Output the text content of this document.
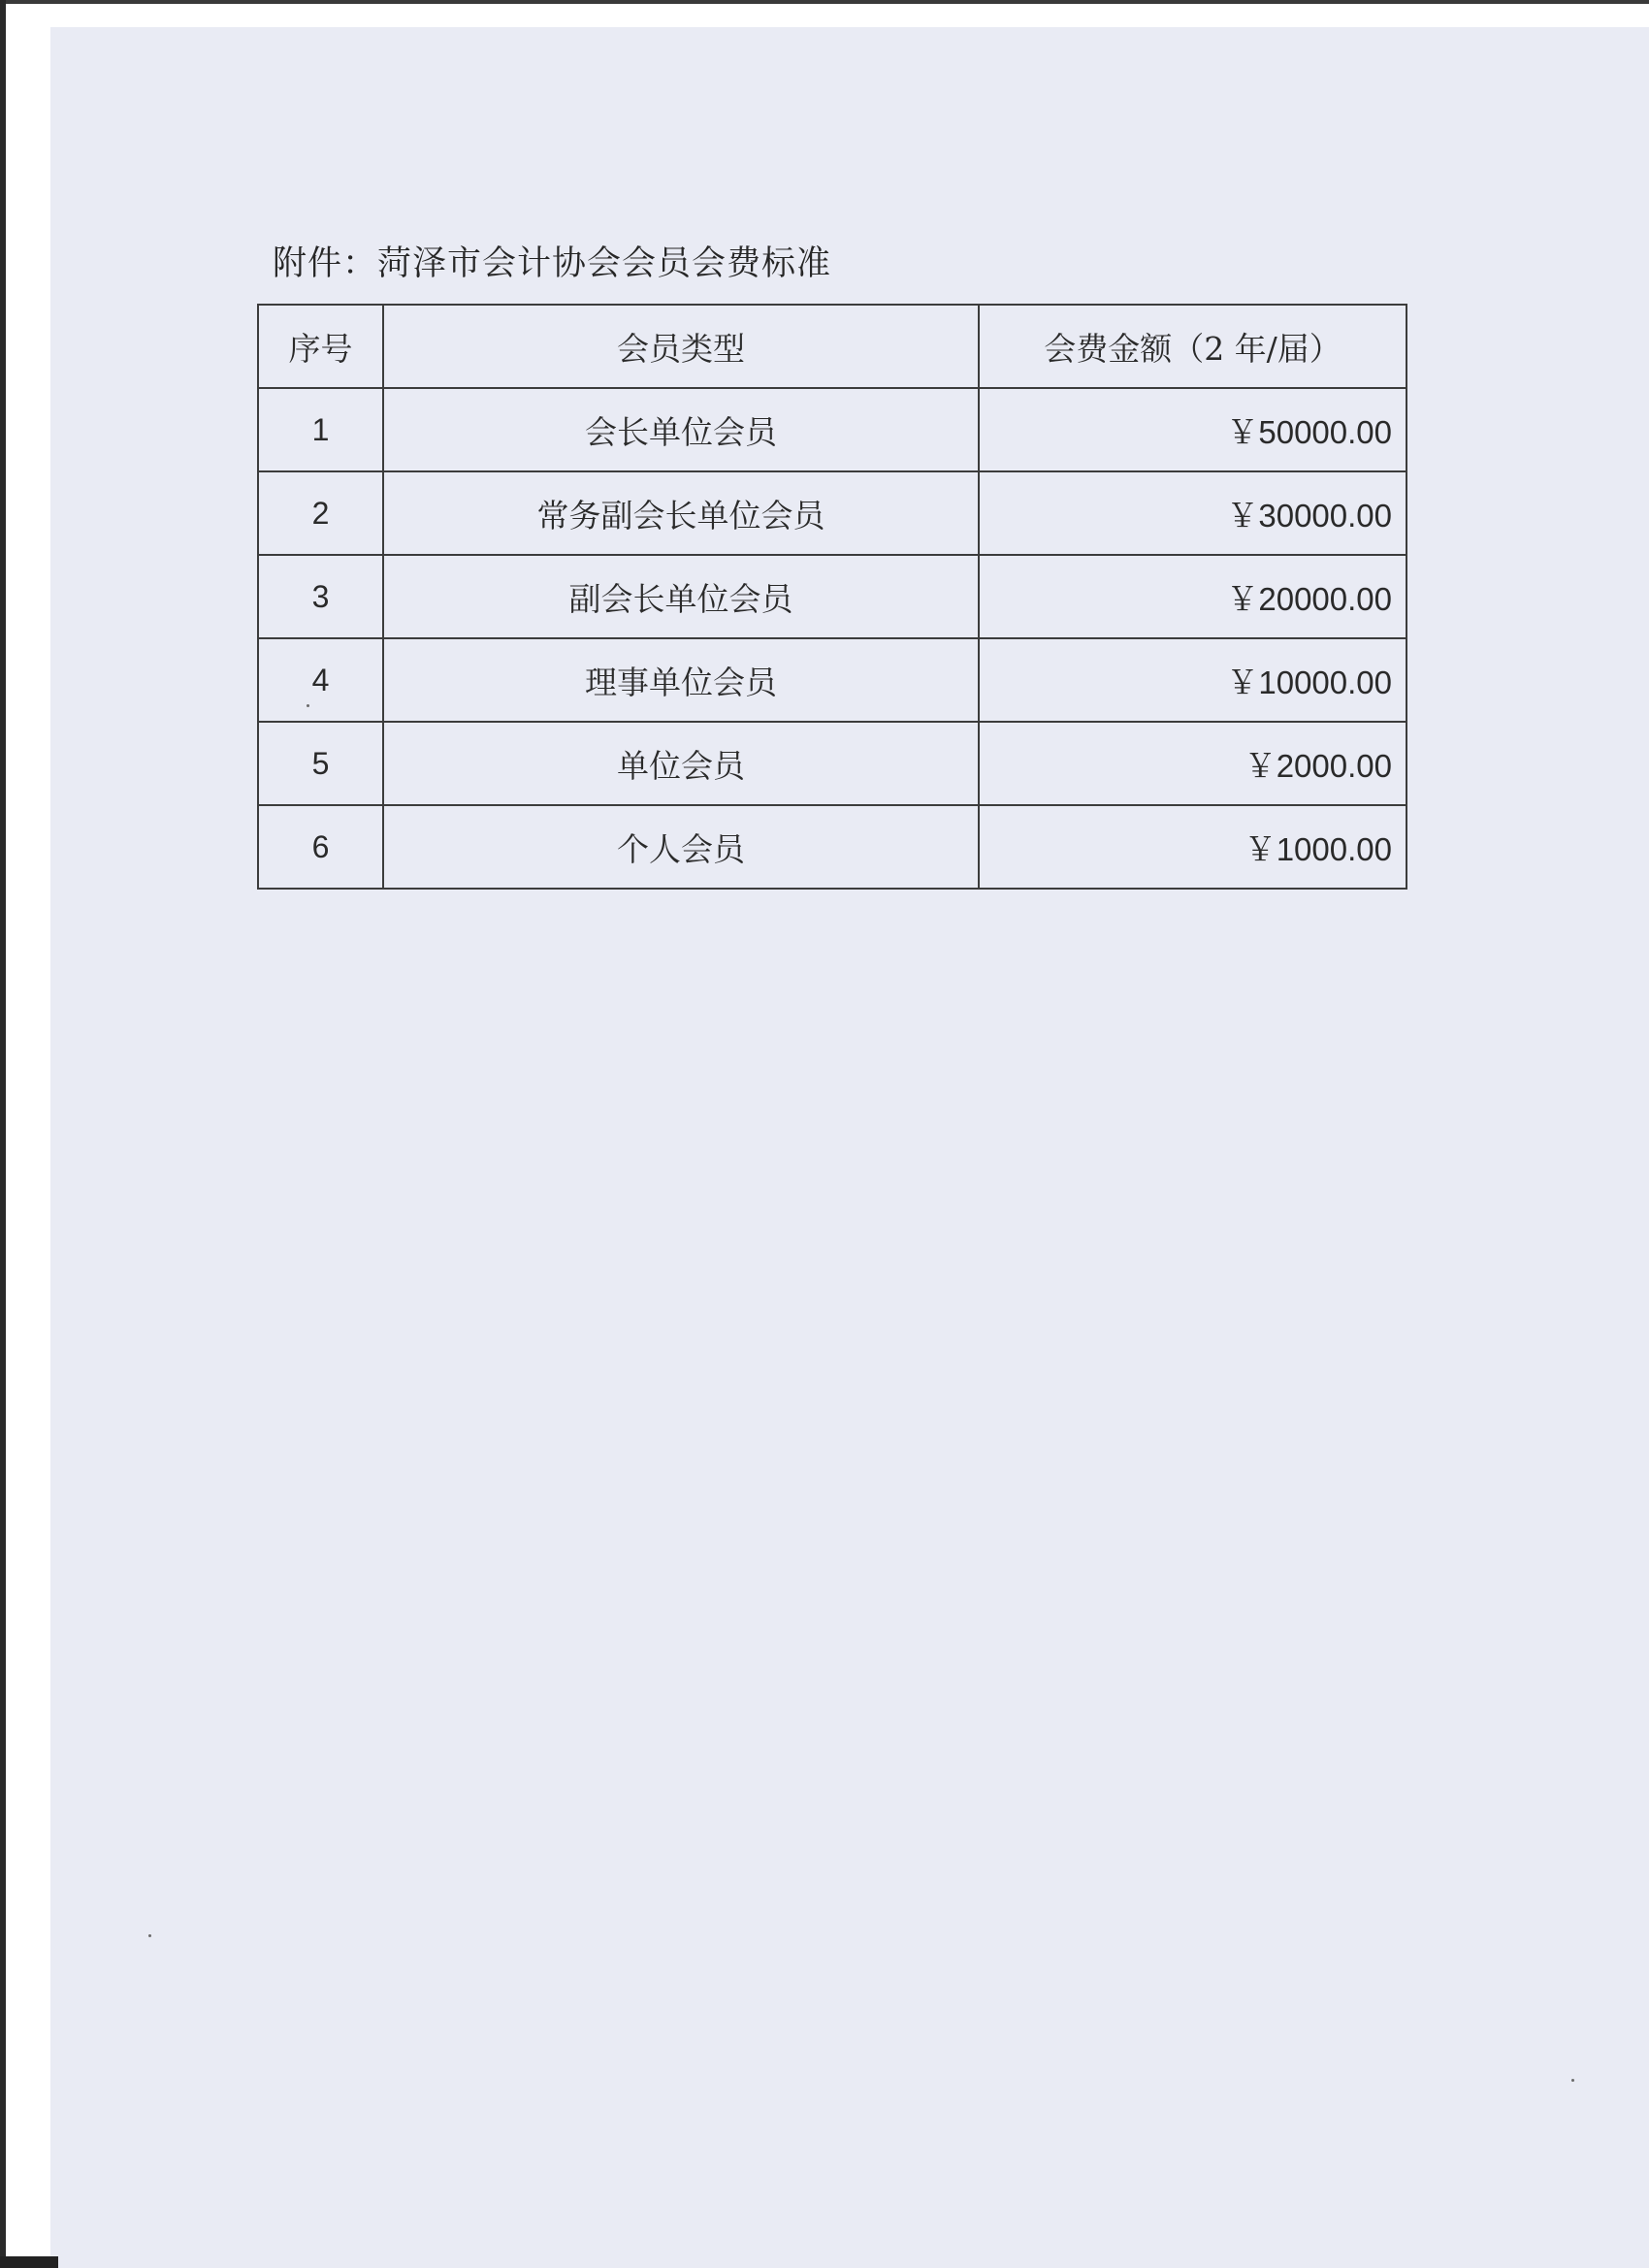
附件：菏泽市会计协会会员会费标准
序号	会员类型	会费金额（2 年/届）
1	会长单位会员	￥50000.00
2	常务副会长单位会员	￥30000.00
3	副会长单位会员	￥20000.00
4	理事单位会员	￥10000.00
5	单位会员	￥2000.00
6	个人会员	￥1000.00
